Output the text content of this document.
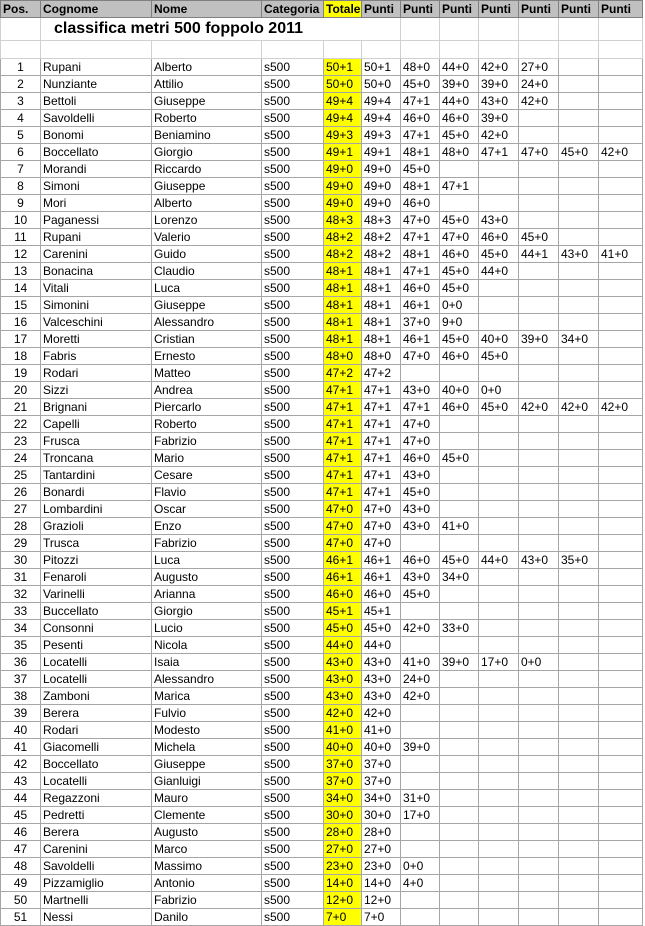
	classifica metri 500 foppolo 2011										

Pos.	Cognome	Nome	Categoria	Totale	Punti	Punti	Punti	Punti	Punti	Punti	Punti
1	Rupani	Alberto	s500	50+1	50+1	48+0	44+0	42+0	27+0		
2	Nunziante	Attilio	s500	50+0	50+0	45+0	39+0	39+0	24+0		
3	Bettoli	Giuseppe	s500	49+4	49+4	47+1	44+0	43+0	42+0		
4	Savoldelli	Roberto	s500	49+4	49+4	46+0	46+0	39+0			
5	Bonomi	Beniamino	s500	49+3	49+3	47+1	45+0	42+0			
6	Boccellato	Giorgio	s500	49+1	49+1	48+1	48+0	47+1	47+0	45+0	42+0
7	Morandi	Riccardo	s500	49+0	49+0	45+0					
8	Simoni	Giuseppe	s500	49+0	49+0	48+1	47+1				
9	Mori	Alberto	s500	49+0	49+0	46+0					
10	Paganessi	Lorenzo	s500	48+3	48+3	47+0	45+0	43+0			
11	Rupani	Valerio	s500	48+2	48+2	47+1	47+0	46+0	45+0		
12	Carenini	Guido	s500	48+2	48+2	48+1	46+0	45+0	44+1	43+0	41+0
13	Bonacina	Claudio	s500	48+1	48+1	47+1	45+0	44+0			
14	Vitali	Luca	s500	48+1	48+1	46+0	45+0				
15	Simonini	Giuseppe	s500	48+1	48+1	46+1	0+0				
16	Valceschini	Alessandro	s500	48+1	48+1	37+0	9+0				
17	Moretti	Cristian	s500	48+1	48+1	46+1	45+0	40+0	39+0	34+0	
18	Fabris	Ernesto	s500	48+0	48+0	47+0	46+0	45+0			
19	Rodari	Matteo	s500	47+2	47+2						
20	Sizzi	Andrea	s500	47+1	47+1	43+0	40+0	0+0			
21	Brignani	Piercarlo	s500	47+1	47+1	47+1	46+0	45+0	42+0	42+0	42+0
22	Capelli	Roberto	s500	47+1	47+1	47+0					
23	Frusca	Fabrizio	s500	47+1	47+1	47+0					
24	Troncana	Mario	s500	47+1	47+1	46+0	45+0				
25	Tantardini	Cesare	s500	47+1	47+1	43+0					
26	Bonardi	Flavio	s500	47+1	47+1	45+0					
27	Lombardini	Oscar	s500	47+0	47+0	43+0					
28	Grazioli	Enzo	s500	47+0	47+0	43+0	41+0				
29	Trusca	Fabrizio	s500	47+0	47+0						
30	Pitozzi	Luca	s500	46+1	46+1	46+0	45+0	44+0	43+0	35+0	
31	Fenaroli	Augusto	s500	46+1	46+1	43+0	34+0				
32	Varinelli	Arianna	s500	46+0	46+0	45+0					
33	Buccellato	Giorgio	s500	45+1	45+1						
34	Consonni	Lucio	s500	45+0	45+0	42+0	33+0				
35	Pesenti	Nicola	s500	44+0	44+0						
36	Locatelli	Isaia	s500	43+0	43+0	41+0	39+0	17+0	0+0		
37	Locatelli	Alessandro	s500	43+0	43+0	24+0					
38	Zamboni	Marica	s500	43+0	43+0	42+0					
39	Berera	Fulvio	s500	42+0	42+0						
40	Rodari	Modesto	s500	41+0	41+0						
41	Giacomelli	Michela	s500	40+0	40+0	39+0					
42	Boccellato	Giuseppe	s500	37+0	37+0						
43	Locatelli	Gianluigi	s500	37+0	37+0						
44	Regazzoni	Mauro	s500	34+0	34+0	31+0					
45	Pedretti	Clemente	s500	30+0	30+0	17+0					
46	Berera	Augusto	s500	28+0	28+0						
47	Carenini	Marco	s500	27+0	27+0						
48	Savoldelli	Massimo	s500	23+0	23+0	0+0					
49	Pizzamiglio	Antonio	s500	14+0	14+0	4+0					
50	Martnelli	Fabrizio	s500	12+0	12+0						
51	Nessi	Danilo	s500	7+0	7+0						
